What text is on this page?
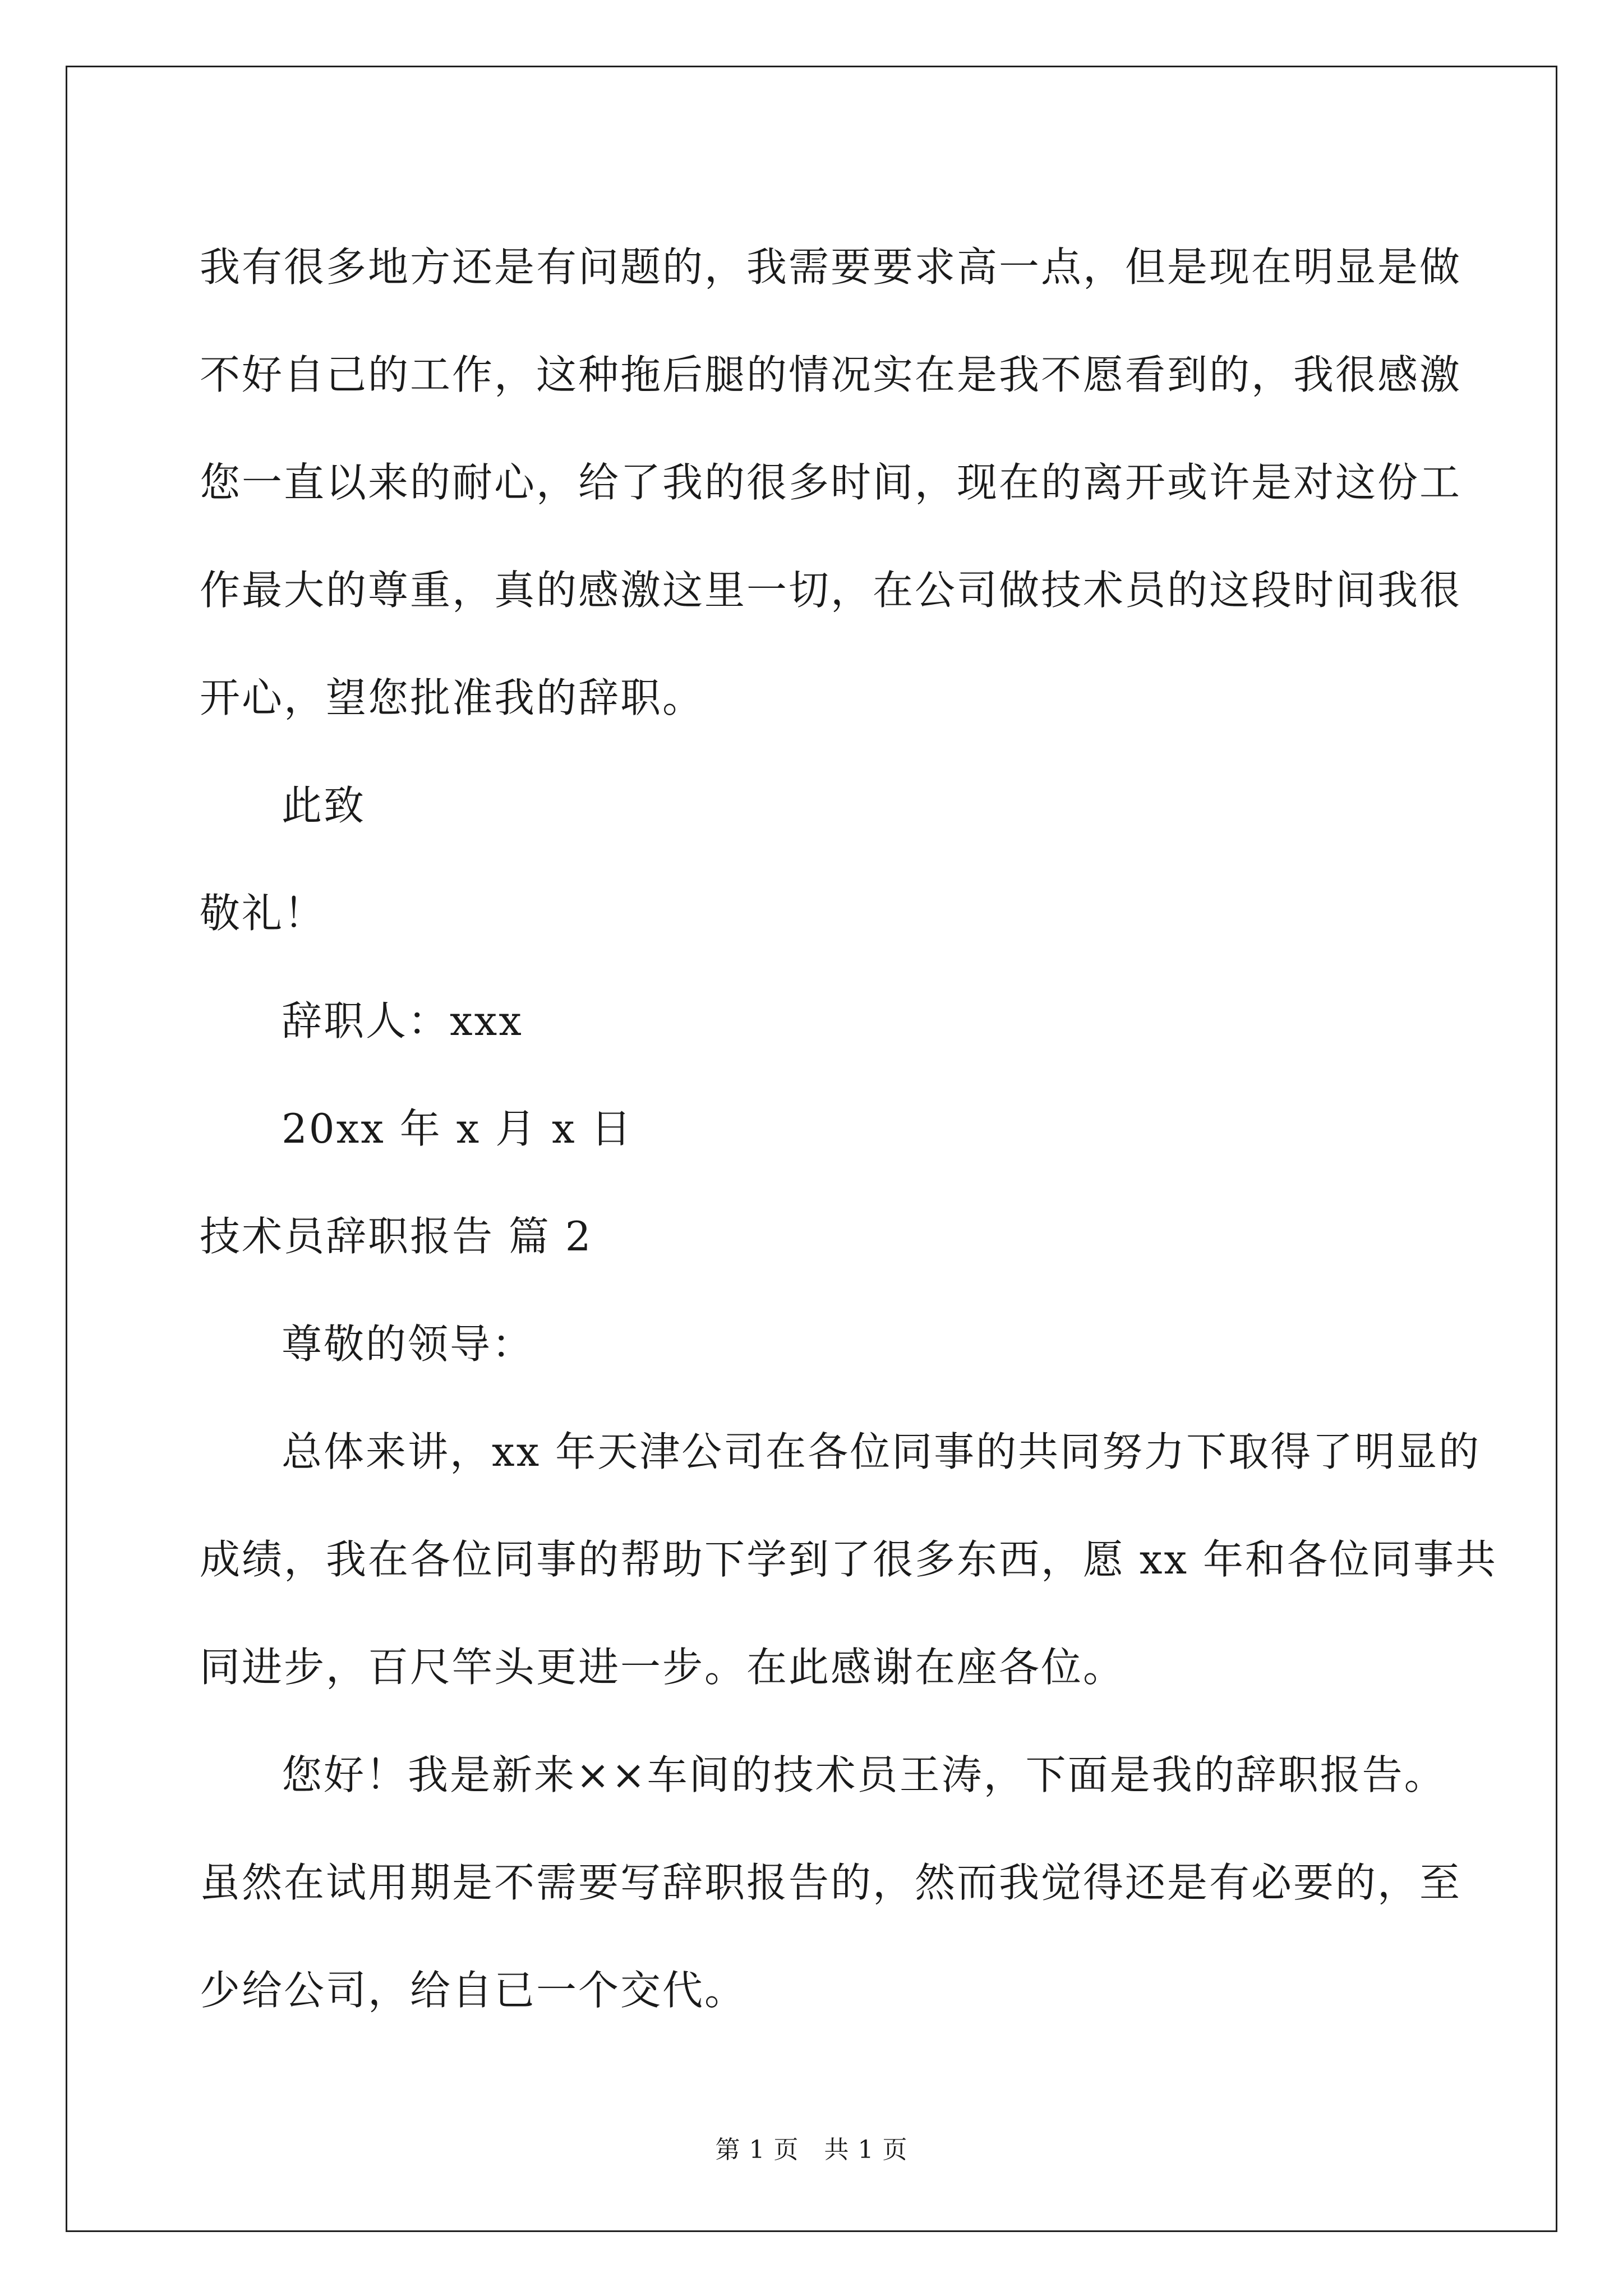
我有很多地方还是有问题的，我需要要求高一点，但是现在明显是做

不好自己的工作，这种拖后腿的情况实在是我不愿看到的，我很感激

您一直以来的耐心，给了我的很多时间，现在的离开或许是对这份工

作最大的尊重，真的感激这里一切，在公司做技术员的这段时间我很

开心，望您批准我的辞职。

此致

敬礼！

辞职人：xxx

20xx 年 x 月 x 日

技术员辞职报告 篇 2

尊敬的领导：

总体来讲，xx 年天津公司在各位同事的共同努力下取得了明显的

成绩，我在各位同事的帮助下学到了很多东西，愿 xx 年和各位同事共

同进步，百尺竿头更进一步。在此感谢在座各位。

您好！我是新来××车间的技术员王涛，下面是我的辞职报告。

虽然在试用期是不需要写辞职报告的，然而我觉得还是有必要的，至

少给公司，给自已一个交代。

第 1 页　共 1 页
